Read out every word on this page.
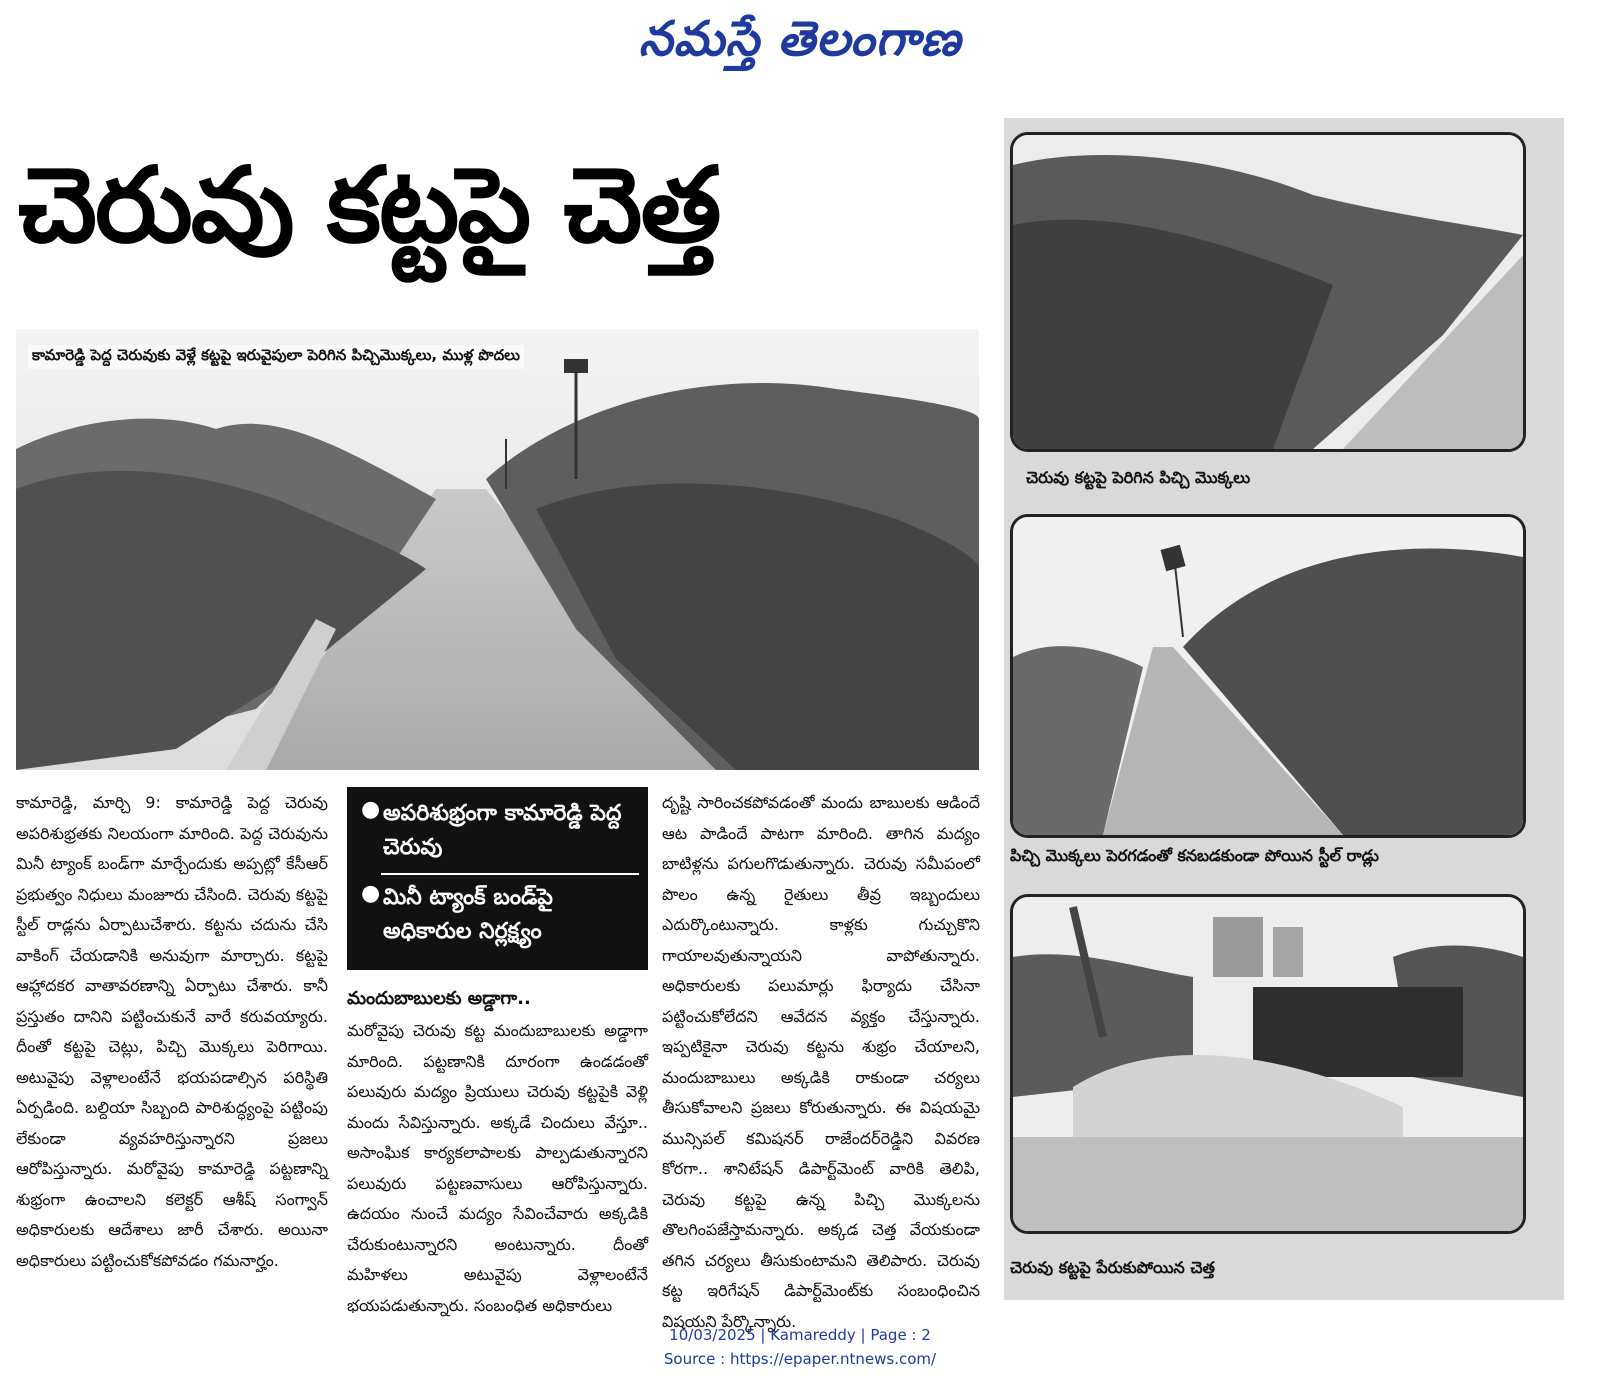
నమస్తే తెలంగాణ
చెరువు కట్టపై చెత్త
కామారెడ్డి పెద్ద చెరువుకు వెళ్లే కట్టపై ఇరువైపులా పెరిగిన పిచ్చిమొక్కలు, ముళ్ల పొదలు
చెరువు కట్టపై పెరిగిన పిచ్చి మొక్కలు
పిచ్చి మొక్కలు పెరగడంతో కనబడకుండా పోయిన స్టీల్ రాడ్లు
చెరువు కట్టపై పేరుకుపోయిన చెత్త

కామారెడ్డి, మార్చి 9: కామారెడ్డి పెద్ద చెరువు అపరిశుభ్రతకు నిలయంగా మారింది. పెద్ద చెరువును మినీ ట్యాంక్ బండ్‌గా మార్చేందుకు అప్పట్లో కేసీఆర్ ప్రభుత్వం నిధులు మంజూరు చేసింది. చెరువు కట్టపై స్టీల్ రాడ్లను ఏర్పాటుచేశారు. కట్టను చదును చేసి వాకింగ్ చేయడానికి అనువుగా మార్చారు. కట్టపై ఆహ్లాదకర వాతావరణాన్ని ఏర్పాటు చేశారు. కానీ ప్రస్తుతం దానిని పట్టించుకునే వారే కరువయ్యారు. దీంతో కట్టపై చెట్లు, పిచ్చి మొక్కలు పెరిగాయి. అటువైపు వెళ్లాలంటేనే భయపడాల్సిన పరిస్థితి ఏర్పడింది. బల్దియా సిబ్బంది పారిశుద్ధ్యంపై పట్టింపు లేకుండా వ్యవహరిస్తున్నారని ప్రజలు ఆరోపిస్తున్నారు. మరోవైపు కామారెడ్డి పట్టణాన్ని శుభ్రంగా ఉంచాలని కలెక్టర్ ఆశీష్ సంగ్వాన్ అధికారులకు ఆదేశాలు జారీ చేశారు. అయినా అధికారులు పట్టించుకోకపోవడం గమనార్హం.

● అపరిశుభ్రంగా కామారెడ్డి పెద్ద చెరువు
● మినీ ట్యాంక్ బండ్‌పై అధికారుల నిర్లక్ష్యం
మందుబాబులకు అడ్డాగా..

మరోవైపు చెరువు కట్ట మందుబాబులకు అడ్డాగా మారింది. పట్టణానికి దూరంగా ఉండడంతో పలువురు మద్యం ప్రియులు చెరువు కట్టపైకి వెళ్లి మందు సేవిస్తున్నారు. అక్కడే చిందులు వేస్తూ.. అసాంఘిక కార్యకలాపాలకు పాల్పడుతున్నారని పలువురు పట్టణవాసులు ఆరోపిస్తున్నారు. ఉదయం నుంచే మద్యం సేవించేవారు అక్కడికి చేరుకుంటున్నారని అంటున్నారు. దీంతో మహిళలు అటువైపు వెళ్లాలంటేనే భయపడుతున్నారు. సంబంధిత అధికారులు

దృష్టి సారించకపోవడంతో మందు బాబులకు ఆడిందే ఆట పాడిందే పాటగా మారింది. తాగిన మద్యం బాటిళ్లను పగులగొడుతున్నారు. చెరువు సమీపంలో పొలం ఉన్న రైతులు తీవ్ర ఇబ్బందులు ఎదుర్కొంటున్నారు. కాళ్లకు గుచ్చుకొని గాయాలవుతున్నాయని వాపోతున్నారు. అధికారులకు పలుమార్లు ఫిర్యాదు చేసినా పట్టించుకోలేదని ఆవేదన వ్యక్తం చేస్తున్నారు. ఇప్పటికైనా చెరువు కట్టను శుభ్రం చేయాలని, మందుబాబులు అక్కడికి రాకుండా చర్యలు తీసుకోవాలని ప్రజలు కోరుతున్నారు. ఈ విషయమై మున్సిపల్ కమిషనర్ రాజేందర్‌రెడ్డిని వివరణ కోరగా.. శానిటేషన్ డిపార్ట్‌మెంట్ వారికి తెలిపి, చెరువు కట్టపై ఉన్న పిచ్చి మొక్కలను తొలగింపజేస్తామన్నారు. అక్కడ చెత్త వేయకుండా తగిన చర్యలు తీసుకుంటామని తెలిపారు. చెరువు కట్ట ఇరిగేషన్ డిపార్ట్‌మెంట్‌కు సంబంధించిన విషయని పేర్కొన్నారు.

10/03/2025 | Kamareddy | Page : 2
Source : https://epaper.ntnews.com/
